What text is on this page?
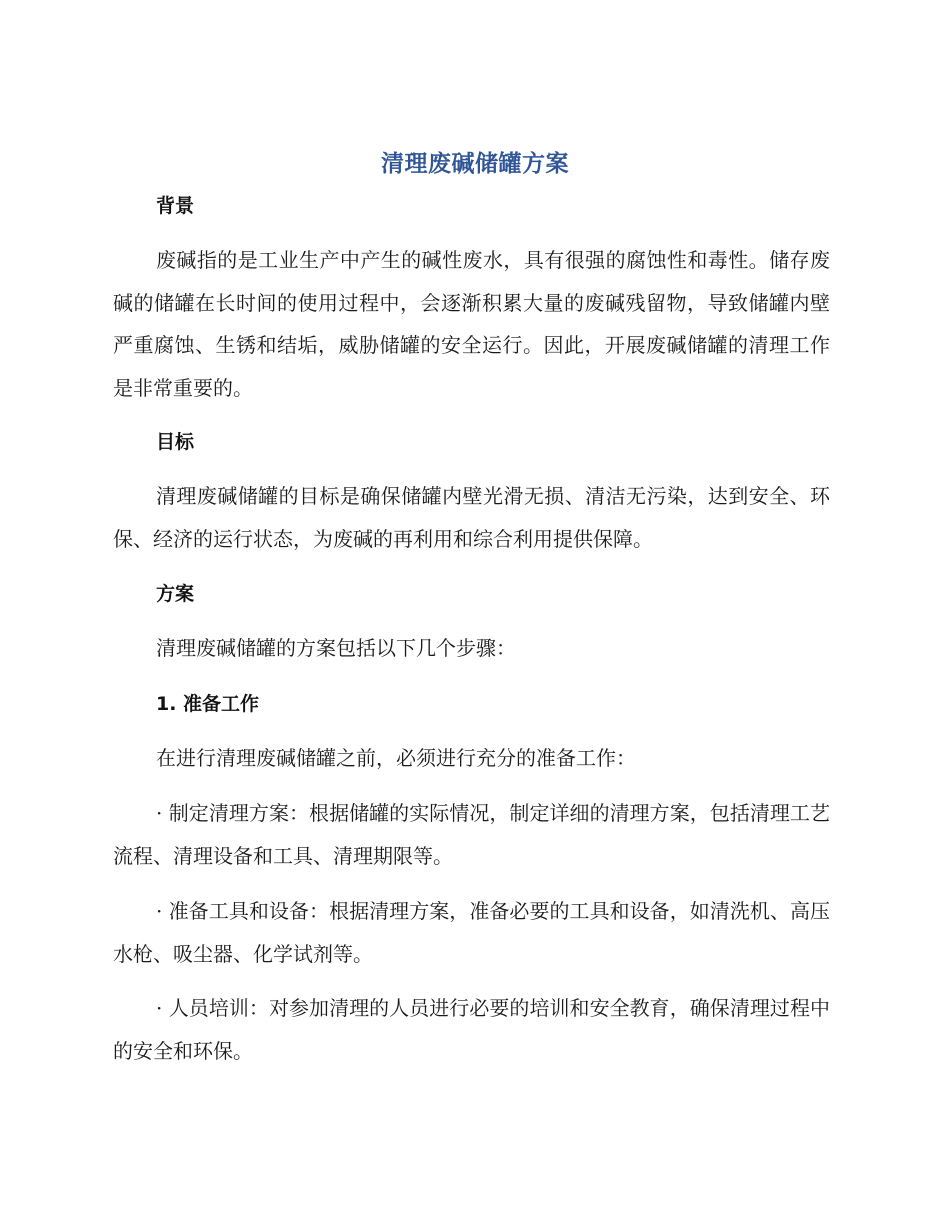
清理废碱储罐方案
背景

废碱指的是工业生产中产生的碱性废水，具有很强的腐蚀性和毒性。储存废碱的储罐在长时间的使用过程中，会逐渐积累大量的废碱残留物，导致储罐内壁严重腐蚀、生锈和结垢，威胁储罐的安全运行。因此，开展废碱储罐的清理工作是非常重要的。

目标

清理废碱储罐的目标是确保储罐内壁光滑无损、清洁无污染，达到安全、环保、经济的运行状态，为废碱的再利用和综合利用提供保障。

方案

清理废碱储罐的方案包括以下几个步骤：

1. 准备工作

在进行清理废碱储罐之前，必须进行充分的准备工作：

· 制定清理方案：根据储罐的实际情况，制定详细的清理方案，包括清理工艺流程、清理设备和工具、清理期限等。

· 准备工具和设备：根据清理方案，准备必要的工具和设备，如清洗机、高压水枪、吸尘器、化学试剂等。

· 人员培训：对参加清理的人员进行必要的培训和安全教育，确保清理过程中的安全和环保。
